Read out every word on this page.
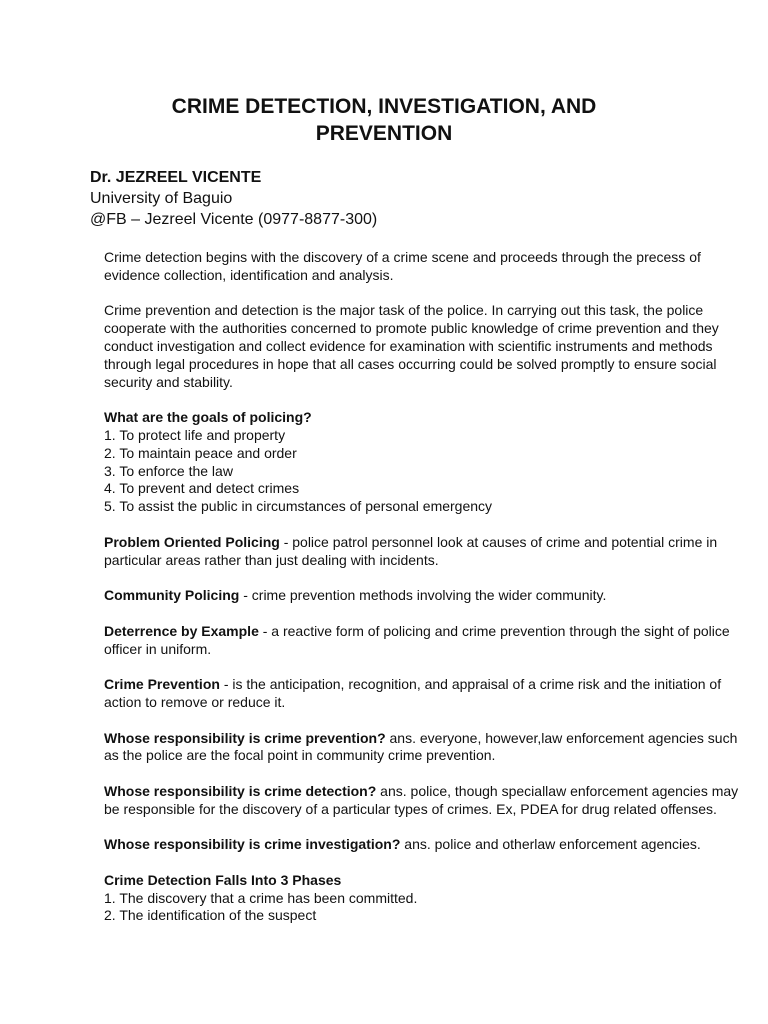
CRIME DETECTION, INVESTIGATION, AND
PREVENTION
Dr. JEZREEL VICENTE
University of Baguio
@FB – Jezreel Vicente (0977-8877-300)

Crime detection begins with the discovery of a crime scene and proceeds through the precess of
evidence collection, identification and analysis.

Crime prevention and detection is the major task of the police. In carrying out this task, the police
cooperate with the authorities concerned to promote public knowledge of crime prevention and they
conduct investigation and collect evidence for examination with scientific instruments and methods
through legal procedures in hope that all cases occurring could be solved promptly to ensure social
security and stability.

What are the goals of policing?
1. To protect life and property
2. To maintain peace and order
3. To enforce the law
4. To prevent and detect crimes
5. To assist the public in circumstances of personal emergency

Problem Oriented Policing - police patrol personnel look at causes of crime and potential crime in
particular areas rather than just dealing with incidents.

Community Policing - crime prevention methods involving the wider community.

Deterrence by Example - a reactive form of policing and crime prevention through the sight of police
officer in uniform.

Crime Prevention - is the anticipation, recognition, and appraisal of a crime risk and the initiation of
action to remove or reduce it.

Whose responsibility is crime prevention? ans. everyone, however,law enforcement agencies such
as the police are the focal point in community crime prevention.

Whose responsibility is crime detection? ans. police, though speciallaw enforcement agencies may
be responsible for the discovery of a particular types of crimes. Ex, PDEA for drug related offenses.

Whose responsibility is crime investigation? ans. police and otherlaw enforcement agencies.

Crime Detection Falls Into 3 Phases
1. The discovery that a crime has been committed.
2. The identification of the suspect
